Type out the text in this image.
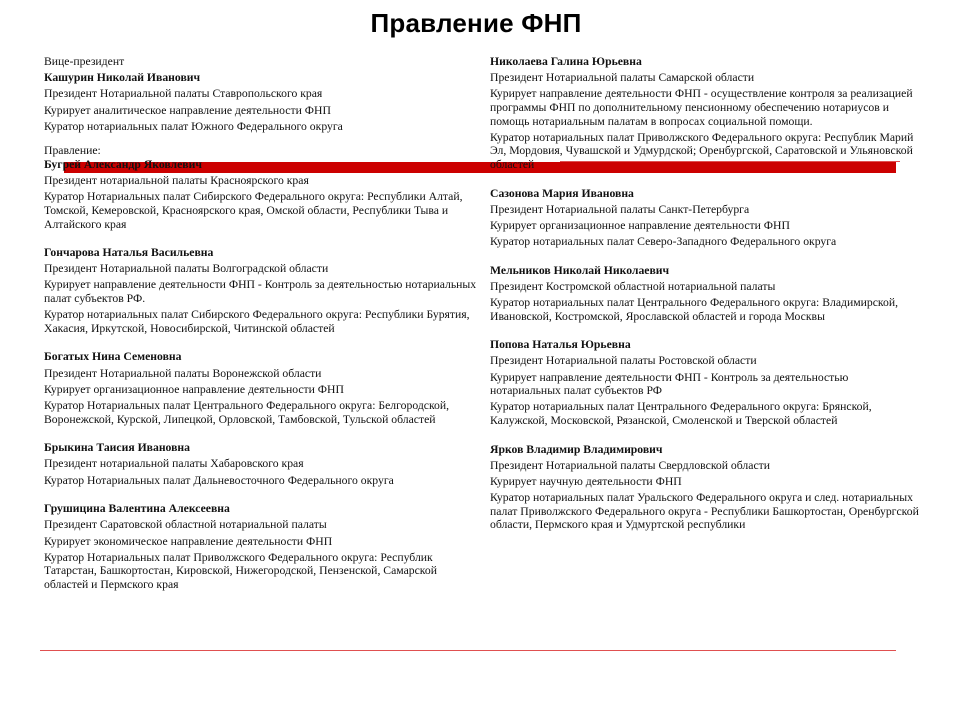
Правление ФНП

Вице-президент

Кашурин Николай Иванович

Президент Нотариальной палаты Ставропольского края

Курирует аналитическое направление деятельности ФНП

Куратор нотариальных палат Южного Федерального округа

Правление:

Бугрей Александр Яковлевич

Президент нотариальной палаты Красноярского края

Куратор Нотариальных палат Сибирского Федерального округа: Республики Алтай, Томской, Кемеровской, Красноярского края, Омской области, Республики Тыва и Алтайского края

Гончарова Наталья Васильевна

Президент Нотариальной палаты Волгоградской области

Курирует направление деятельности ФНП - Контроль за деятельностью нотариальных палат субъектов РФ.

Куратор нотариальных палат Сибирского Федерального округа: Республики Бурятия, Хакасия, Иркутской, Новосибирской, Читинской областей

Богатых Нина Семеновна

Президент Нотариальной палаты Воронежской области

Курирует организационное направление деятельности ФНП

Куратор Нотариальных палат Центрального Федерального округа: Белгородской, Воронежской, Курской, Липецкой, Орловской, Тамбовской, Тульской областей

Брыкина Таисия Ивановна

Президент нотариальной палаты Хабаровского края

Куратор Нотариальных палат Дальневосточного Федерального округа

Грушицина Валентина Алексеевна

Президент Саратовской областной нотариальной палаты

Курирует экономическое направление деятельности ФНП

Куратор Нотариальных палат Приволжского Федерального округа: Республик Татарстан, Башкортостан, Кировской, Нижегородской, Пензенской, Самарской областей и Пермского края

Николаева Галина Юрьевна

Президент Нотариальной палаты Самарской области

Курирует направление деятельности ФНП - осуществление контроля за реализацией программы ФНП по дополнительному пенсионному обеспечению нотариусов и помощь нотариальным палатам в вопросах социальной помощи.

Куратор нотариальных палат Приволжского Федерального округа: Республик Марий Эл, Мордовия, Чувашской и Удмурдской; Оренбургской, Саратовской и Ульяновской областей

Сазонова Мария Ивановна

Президент Нотариальной палаты Санкт-Петербурга

Курирует организационное направление деятельности ФНП

Куратор нотариальных палат Северо-Западного Федерального округа

Мельников Николай Николаевич

Президент Костромской областной нотариальной палаты

Куратор нотариальных палат Центрального Федерального округа: Владимирской, Ивановской, Костромской, Ярославской областей и города Москвы

Попова Наталья Юрьевна

Президент Нотариальной палаты Ростовской области

Курирует направление деятельности ФНП - Контроль за деятельностью нотариальных палат субъектов РФ

Куратор нотариальных палат Центрального Федерального округа: Брянской, Калужской, Московской, Рязанской, Смоленской и Тверской областей

Ярков Владимир Владимирович

Президент Нотариальной палаты Свердловской области

Курирует научную деятельности ФНП

Куратор нотариальных палат Уральского Федерального округа и след. нотариальных палат Приволжского Федерального округа - Республики Башкортостан, Оренбургской области, Пермского края и Удмуртской республики
